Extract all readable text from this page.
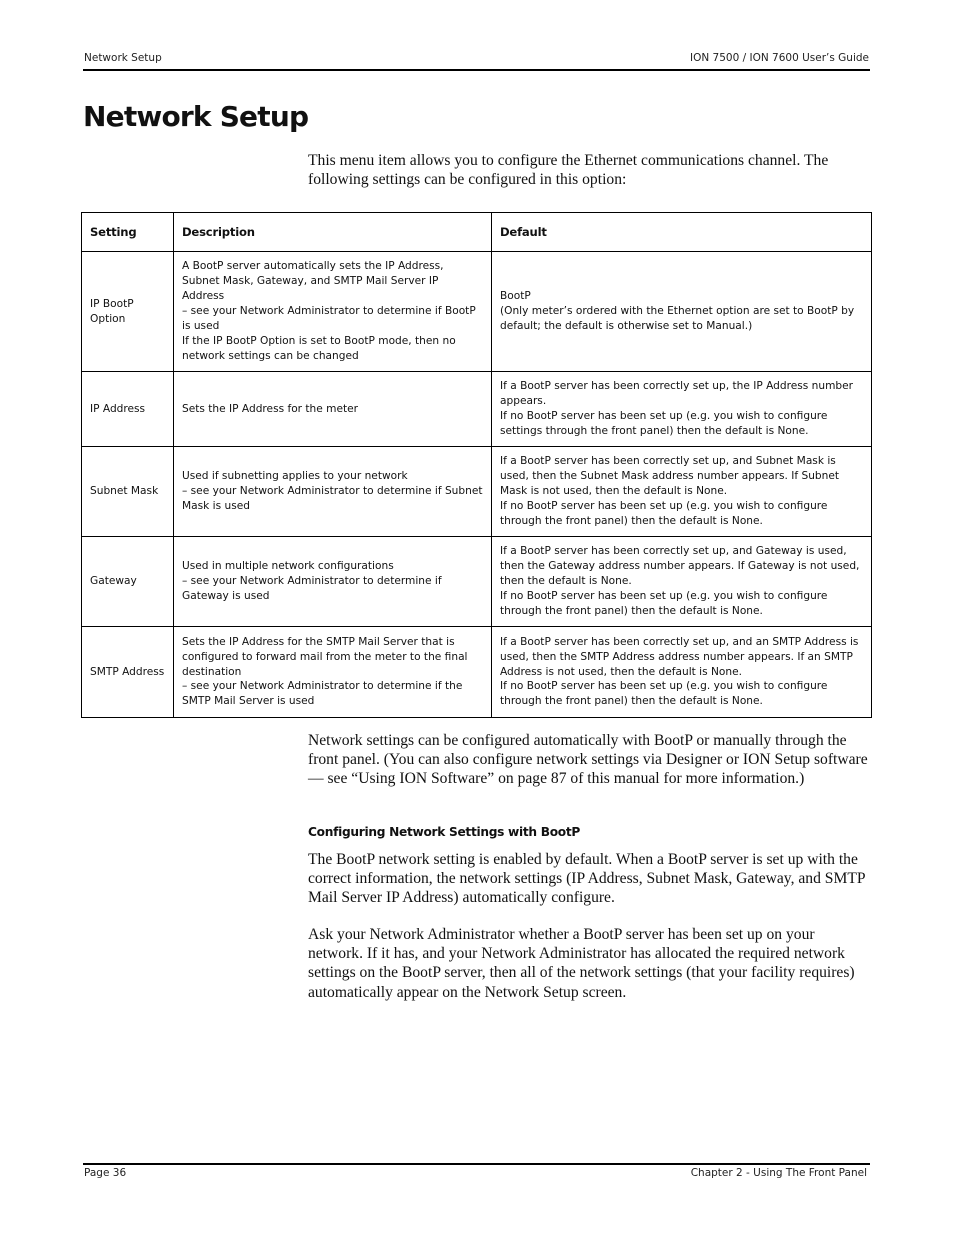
Network Setup	ION 7500 / ION 7600 User’s Guide
Network Setup

This menu item allows you to configure the Ethernet communications channel. The following settings can be configured in this option:

Setting	Description	Default
IP BootP Option	A BootP server automatically sets the IP Address, Subnet Mask, Gateway, and SMTP Mail Server IP Address
– see your Network Administrator to determine if BootP is used
If the IP BootP Option is set to BootP mode, then no network settings can be changed	BootP
(Only meter’s ordered with the Ethernet option are set to BootP by default; the default is otherwise set to Manual.)

IP Address	Sets the IP Address for the meter	If a BootP server has been correctly set up, the IP Address number appears.
If no BootP server has been set up (e.g. you wish to configure settings through the front panel) then the default is None.

Subnet Mask	Used if subnetting applies to your network
– see your Network Administrator to determine if Subnet Mask is used	If a BootP server has been correctly set up, and Subnet Mask is used, then the Subnet Mask address number appears. If Subnet Mask is not used, then the default is None.
If no BootP server has been set up (e.g. you wish to configure through the front panel) then the default is None.

Gateway	Used in multiple network configurations
– see your Network Administrator to determine if Gateway is used	If a BootP server has been correctly set up, and Gateway is used, then the Gateway address number appears. If Gateway is not used, then the default is None.
If no BootP server has been set up (e.g. you wish to configure through the front panel) then the default is None.

SMTP Address	Sets the IP Address for the SMTP Mail Server that is configured to forward mail from the meter to the final destination
– see your Network Administrator to determine if the SMTP Mail Server is used	If a BootP server has been correctly set up, and an SMTP Address is used, then the SMTP Address address number appears. If an SMTP Address is not used, then the default is None.
If no BootP server has been set up (e.g. you wish to configure through the front panel) then the default is None.

Network settings can be configured automatically with BootP or manually through the front panel. (You can also configure network settings via Designer or ION Setup software — see “Using ION Software” on page 87 of this manual for more information.)

Configuring Network Settings with BootP

The BootP network setting is enabled by default. When a BootP server is set up with the correct information, the network settings (IP Address, Subnet Mask, Gateway, and SMTP Mail Server IP Address) automatically configure.

Ask your Network Administrator whether a BootP server has been set up on your network. If it has, and your Network Administrator has allocated the required network settings on the BootP server, then all of the network settings (that your facility requires) automatically appear on the Network Setup screen.

Page 36	Chapter 2 - Using The Front Panel
